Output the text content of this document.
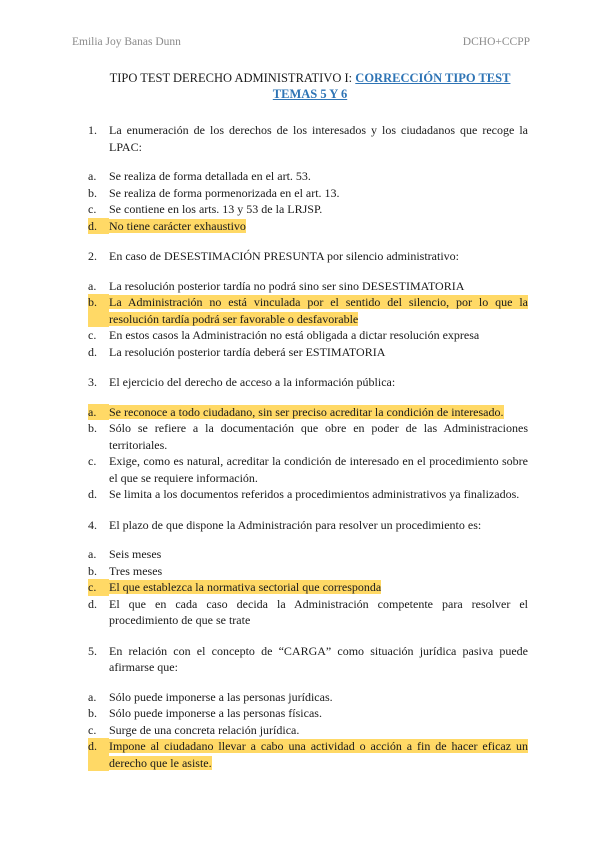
Emilia Joy Banas Dunn	DCHO+CCPP
TIPO TEST DERECHO ADMINISTRATIVO I: CORRECCIÓN TIPO TEST TEMAS 5 Y 6
1.	La enumeración de los derechos de los interesados y los ciudadanos que recoge la LPAC:
a.	Se realiza de forma detallada en el art. 53.
b.	Se realiza de forma pormenorizada en el art. 13.
c.	Se contiene en los arts. 13 y 53 de la LRJSP.
d.	No tiene carácter exhaustivo
2.	En caso de DESESTIMACIÓN PRESUNTA por silencio administrativo:
a.	La resolución posterior tardía no podrá sino ser sino DESESTIMATORIA
b.	La Administración no está vinculada por el sentido del silencio, por lo que la resolución tardía podrá ser favorable o desfavorable
c.	En estos casos la Administración no está obligada a dictar resolución expresa
d.	La resolución posterior tardía deberá ser ESTIMATORIA
3.	El ejercicio del derecho de acceso a la información pública:
a.	Se reconoce a todo ciudadano, sin ser preciso acreditar la condición de interesado.
b.	Sólo se refiere a la documentación que obre en poder de las Administraciones territoriales.
c.	Exige, como es natural, acreditar la condición de interesado en el procedimiento sobre el que se requiere información.
d.	Se limita a los documentos referidos a procedimientos administrativos ya finalizados.
4.	El plazo de que dispone la Administración para resolver un procedimiento es:
a.	Seis meses
b.	Tres meses
c.	El que establezca la normativa sectorial que corresponda
d.	El que en cada caso decida la Administración competente para resolver el procedimiento de que se trate
5.	En relación con el concepto de “CARGA” como situación jurídica pasiva puede afirmarse que:
a.	Sólo puede imponerse a las personas jurídicas.
b.	Sólo puede imponerse a las personas físicas.
c.	Surge de una concreta relación jurídica.
d.	Impone al ciudadano llevar a cabo una actividad o acción a fin de hacer eficaz un derecho que le asiste.
